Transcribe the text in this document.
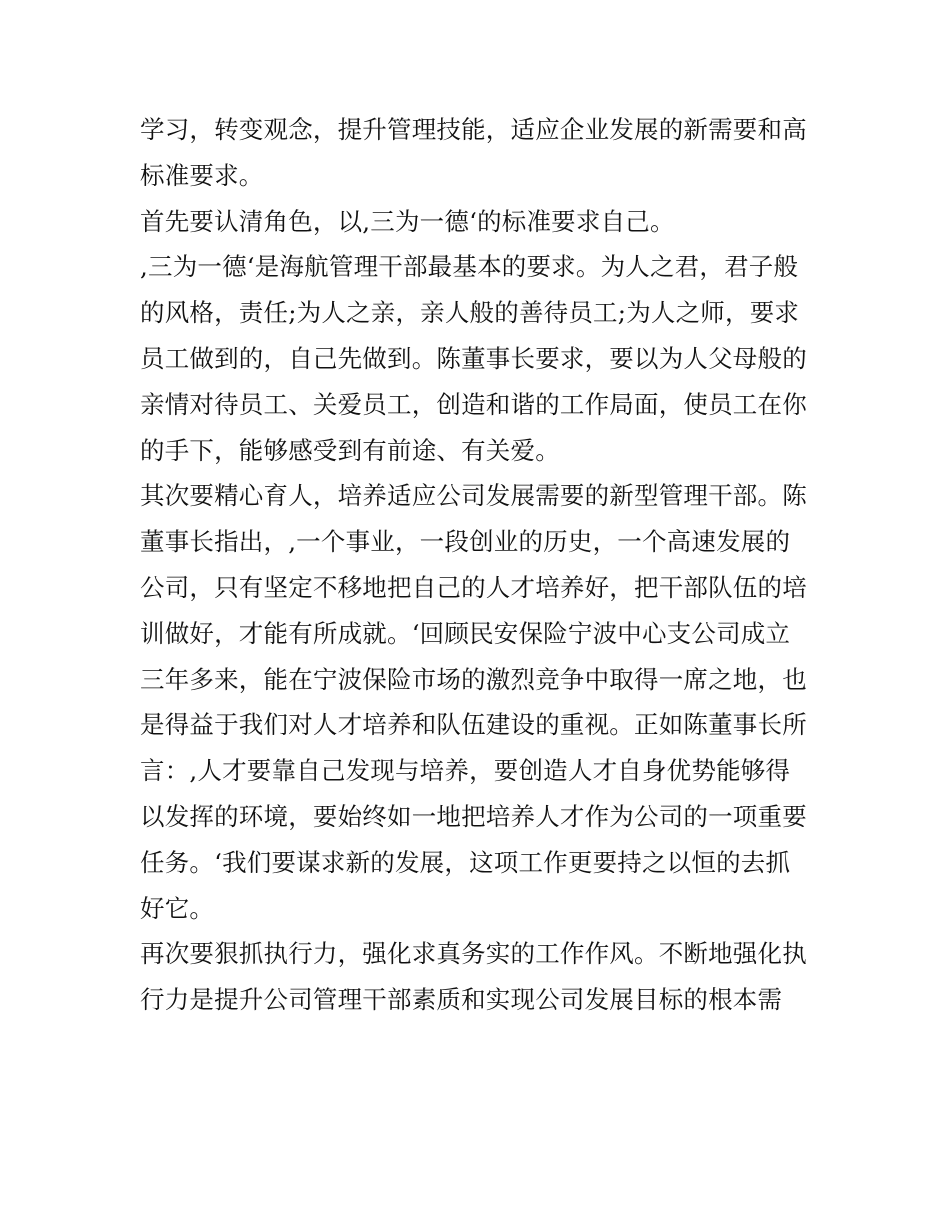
学习，转变观念，提升管理技能，适应企业发展的新需要和高
标准要求。
首先要认清角色，以,三为一德‘的标准要求自己。
,三为一德‘是海航管理干部最基本的要求。为人之君，君子般
的风格，责任;为人之亲，亲人般的善待员工;为人之师，要求
员工做到的，自己先做到。陈董事长要求，要以为人父母般的
亲情对待员工、关爱员工，创造和谐的工作局面，使员工在你
的手下，能够感受到有前途、有关爱。
其次要精心育人，培养适应公司发展需要的新型管理干部。陈
董事长指出，,一个事业，一段创业的历史，一个高速发展的
公司，只有坚定不移地把自己的人才培养好，把干部队伍的培
训做好，才能有所成就。‘回顾民安保险宁波中心支公司成立
三年多来，能在宁波保险市场的激烈竞争中取得一席之地，也
是得益于我们对人才培养和队伍建设的重视。正如陈董事长所
言：,人才要靠自己发现与培养，要创造人才自身优势能够得
以发挥的环境，要始终如一地把培养人才作为公司的一项重要
任务。‘我们要谋求新的发展，这项工作更要持之以恒的去抓
好它。
再次要狠抓执行力，强化求真务实的工作作风。不断地强化执
行力是提升公司管理干部素质和实现公司发展目标的根本需
